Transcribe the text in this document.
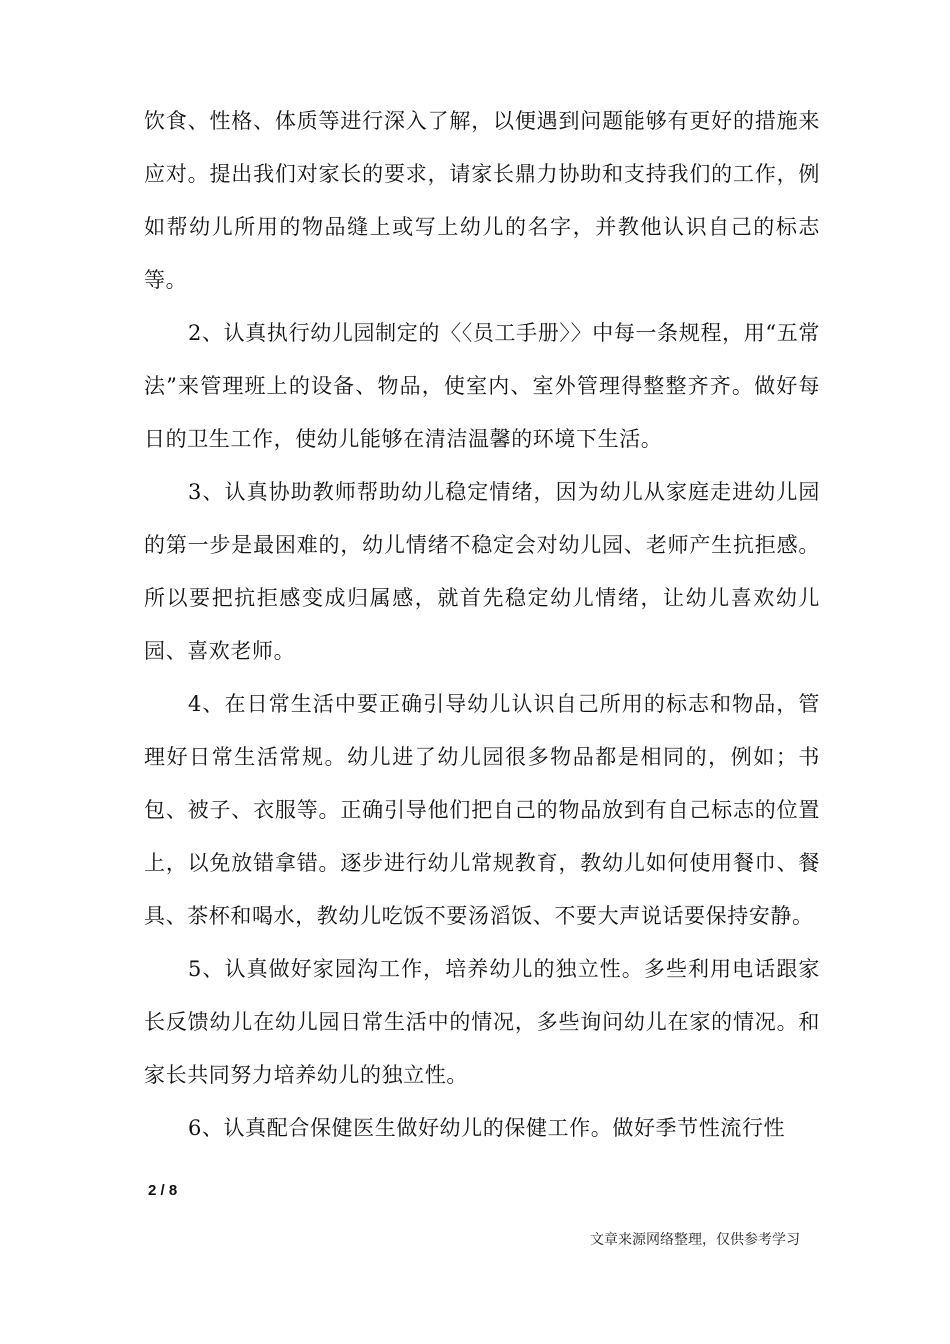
饮食、性格、体质等进行深入了解，以便遇到问题能够有更好的措施来应对。提出我们对家长的要求，请家长鼎力协助和支持我们的工作，例如帮幼儿所用的物品缝上或写上幼儿的名字，并教他认识自己的标志等。

2、认真执行幼儿园制定的〈〈员工手册〉〉中每一条规程，用“五常法”来管理班上的设备、物品，使室内、室外管理得整整齐齐。做好每日的卫生工作，使幼儿能够在清洁温馨的环境下生活。

3、认真协助教师帮助幼儿稳定情绪，因为幼儿从家庭走进幼儿园的第一步是最困难的，幼儿情绪不稳定会对幼儿园、老师产生抗拒感。所以要把抗拒感变成归属感，就首先稳定幼儿情绪，让幼儿喜欢幼儿园、喜欢老师。

4、在日常生活中要正确引导幼儿认识自己所用的标志和物品，管理好日常生活常规。幼儿进了幼儿园很多物品都是相同的，例如；书包、被子、衣服等。正确引导他们把自己的物品放到有自己标志的位置上，以免放错拿错。逐步进行幼儿常规教育，教幼儿如何使用餐巾、餐具、茶杯和喝水，教幼儿吃饭不要汤滔饭、不要大声说话要保持安静。

5、认真做好家园沟工作，培养幼儿的独立性。多些利用电话跟家长反馈幼儿在幼儿园日常生活中的情况，多些询问幼儿在家的情况。和家长共同努力培养幼儿的独立性。

6、认真配合保健医生做好幼儿的保健工作。做好季节性流行性

2 / 8
文章来源网络整理，仅供参考学习
